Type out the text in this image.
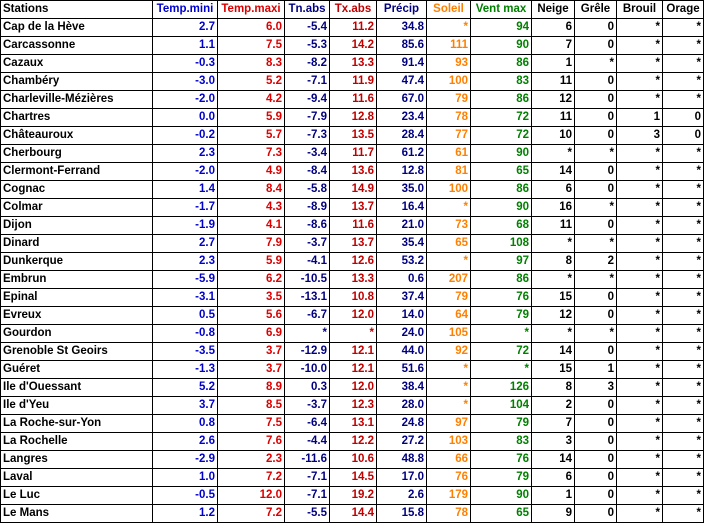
Stations	Temp.mini	Temp.maxi	Tn.abs	Tx.abs	Précip	Soleil	Vent max	Neige	Grêle	Brouil	Orage
Cap de la Hève	2.7	6.0	-5.4	11.2	34.8	*	94	6	0	*	*
Carcassonne	1.1	7.5	-5.3	14.2	85.6	111	90	7	0	*	*
Cazaux	-0.3	8.3	-8.2	13.3	91.4	93	86	1	*	*	*
Chambéry	-3.0	5.2	-7.1	11.9	47.4	100	83	11	0	*	*
Charleville-Mézières	-2.0	4.2	-9.4	11.6	67.0	79	86	12	0	*	*
Chartres	0.0	5.9	-7.9	12.8	23.4	78	72	11	0	1	0
Châteauroux	-0.2	5.7	-7.3	13.5	28.4	77	72	10	0	3	0
Cherbourg	2.3	7.3	-3.4	11.7	61.2	61	90	*	*	*	*
Clermont-Ferrand	-2.0	4.9	-8.4	13.6	12.8	81	65	14	0	*	*
Cognac	1.4	8.4	-5.8	14.9	35.0	100	86	6	0	*	*
Colmar	-1.7	4.3	-8.9	13.7	16.4	*	90	16	*	*	*
Dijon	-1.9	4.1	-8.6	11.6	21.0	73	68	11	0	*	*
Dinard	2.7	7.9	-3.7	13.7	35.4	65	108	*	*	*	*
Dunkerque	2.3	5.9	-4.1	12.6	53.2	*	97	8	2	*	*
Embrun	-5.9	6.2	-10.5	13.3	0.6	207	86	*	*	*	*
Epinal	-3.1	3.5	-13.1	10.8	37.4	79	76	15	0	*	*
Evreux	0.5	5.6	-6.7	12.0	14.0	64	79	12	0	*	*
Gourdon	-0.8	6.9	*	*	24.0	105	*	*	*	*	*
Grenoble St Geoirs	-3.5	3.7	-12.9	12.1	44.0	92	72	14	0	*	*
Guéret	-1.3	3.7	-10.0	12.1	51.6	*	*	15	1	*	*
Ile d'Ouessant	5.2	8.9	0.3	12.0	38.4	*	126	8	3	*	*
Ile d'Yeu	3.7	8.5	-3.7	12.3	28.0	*	104	2	0	*	*
La Roche-sur-Yon	0.8	7.5	-6.4	13.1	24.8	97	79	7	0	*	*
La Rochelle	2.6	7.6	-4.4	12.2	27.2	103	83	3	0	*	*
Langres	-2.9	2.3	-11.6	10.6	48.8	66	76	14	0	*	*
Laval	1.0	7.2	-7.1	14.5	17.0	76	79	6	0	*	*
Le Luc	-0.5	12.0	-7.1	19.2	2.6	179	90	1	0	*	*
Le Mans	1.2	7.2	-5.5	14.4	15.8	78	65	9	0	*	*
